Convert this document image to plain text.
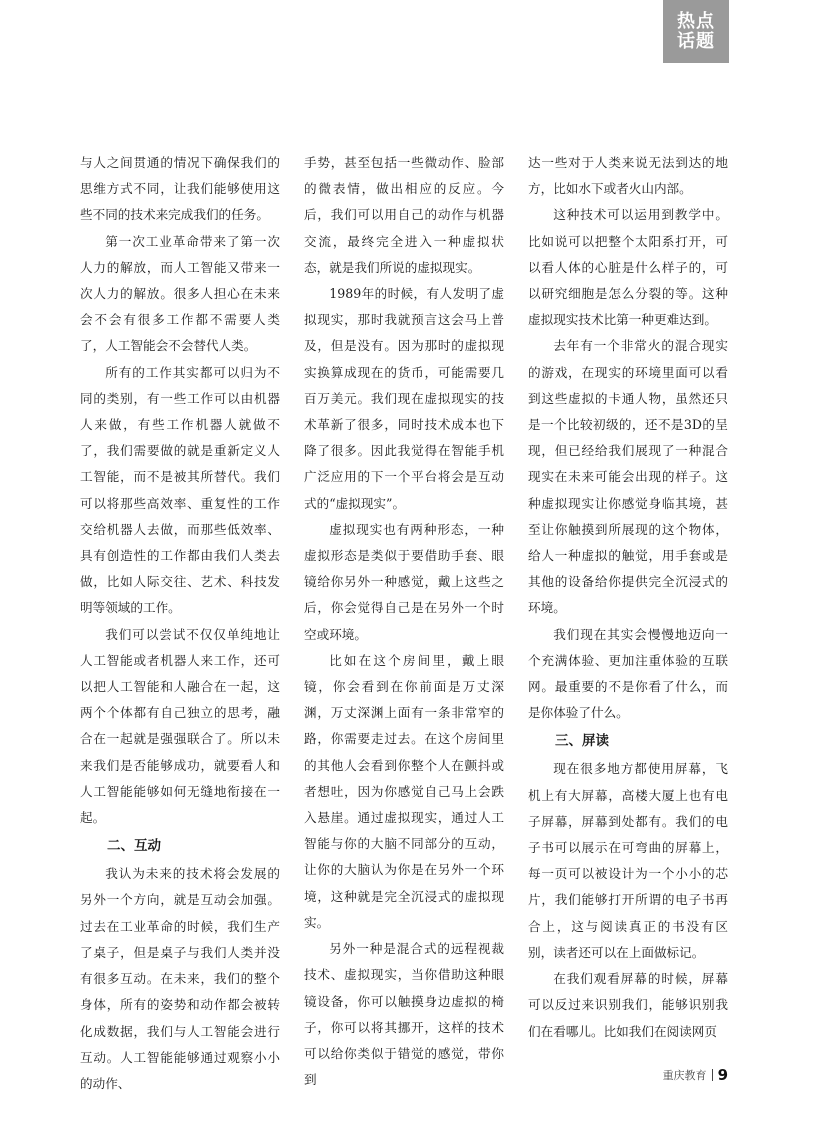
热点
话题

与人之间贯通的情况下确保我们的思维方式不同，让我们能够使用这些不同的技术来完成我们的任务。

第一次工业革命带来了第一次人力的解放，而人工智能又带来一次人力的解放。很多人担心在未来会不会有很多工作都不需要人类了，人工智能会不会替代人类。

所有的工作其实都可以归为不同的类别，有一些工作可以由机器人来做，有些工作机器人就做不了，我们需要做的就是重新定义人工智能，而不是被其所替代。我们可以将那些高效率、重复性的工作交给机器人去做，而那些低效率、具有创造性的工作都由我们人类去做，比如人际交往、艺术、科技发明等领域的工作。

我们可以尝试不仅仅单纯地让人工智能或者机器人来工作，还可以把人工智能和人融合在一起，这两个个体都有自己独立的思考，融合在一起就是强强联合了。所以未来我们是否能够成功，就要看人和人工智能能够如何无缝地衔接在一起。

二、互动

我认为未来的技术将会发展的另外一个方向，就是互动会加强。过去在工业革命的时候，我们生产了桌子，但是桌子与我们人类并没有很多互动。在未来，我们的整个身体，所有的姿势和动作都会被转化成数据，我们与人工智能会进行互动。人工智能能够通过观察小小的动作、

手势，甚至包括一些微动作、脸部的微表情，做出相应的反应。今后，我们可以用自己的动作与机器交流，最终完全进入一种虚拟状态，就是我们所说的虚拟现实。

1989年的时候，有人发明了虚拟现实，那时我就预言这会马上普及，但是没有。因为那时的虚拟现实换算成现在的货币，可能需要几百万美元。我们现在虚拟现实的技术革新了很多，同时技术成本也下降了很多。因此我觉得在智能手机广泛应用的下一个平台将会是互动式的“虚拟现实”。

虚拟现实也有两种形态，一种虚拟形态是类似于要借助手套、眼镜给你另外一种感觉，戴上这些之后，你会觉得自己是在另外一个时空或环境。

比如在这个房间里，戴上眼镜，你会看到在你前面是万丈深渊，万丈深渊上面有一条非常窄的路，你需要走过去。在这个房间里的其他人会看到你整个人在颤抖或者想吐，因为你感觉自己马上会跌入悬崖。通过虚拟现实，通过人工智能与你的大脑不同部分的互动，让你的大脑认为你是在另外一个环境，这种就是完全沉浸式的虚拟现实。

另外一种是混合式的远程视裁技术、虚拟现实，当你借助这种眼镜设备，你可以触摸身边虚拟的椅子，你可以将其挪开，这样的技术可以给你类似于错觉的感觉，带你到

达一些对于人类来说无法到达的地方，比如水下或者火山内部。

这种技术可以运用到教学中。比如说可以把整个太阳系打开，可以看人体的心脏是什么样子的，可以研究细胞是怎么分裂的等。这种虚拟现实技术比第一种更难达到。

去年有一个非常火的混合现实的游戏，在现实的环境里面可以看到这些虚拟的卡通人物，虽然还只是一个比较初级的，还不是3D的呈现，但已经给我们展现了一种混合现实在未来可能会出现的样子。这种虚拟现实让你感觉身临其境，甚至让你触摸到所展现的这个物体，给人一种虚拟的触觉，用手套或是其他的设备给你提供完全沉浸式的环境。

我们现在其实会慢慢地迈向一个充满体验、更加注重体验的互联网。最重要的不是你看了什么，而是你体验了什么。

三、屏读

现在很多地方都使用屏幕，飞机上有大屏幕，高楼大厦上也有电子屏幕，屏幕到处都有。我们的电子书可以展示在可弯曲的屏幕上，每一页可以被设计为一个小小的芯片，我们能够打开所谓的电子书再合上，这与阅读真正的书没有区别，读者还可以在上面做标记。

在我们观看屏幕的时候，屏幕可以反过来识别我们，能够识别我们在看哪儿。比如我们在阅读网页

重庆教育 9
